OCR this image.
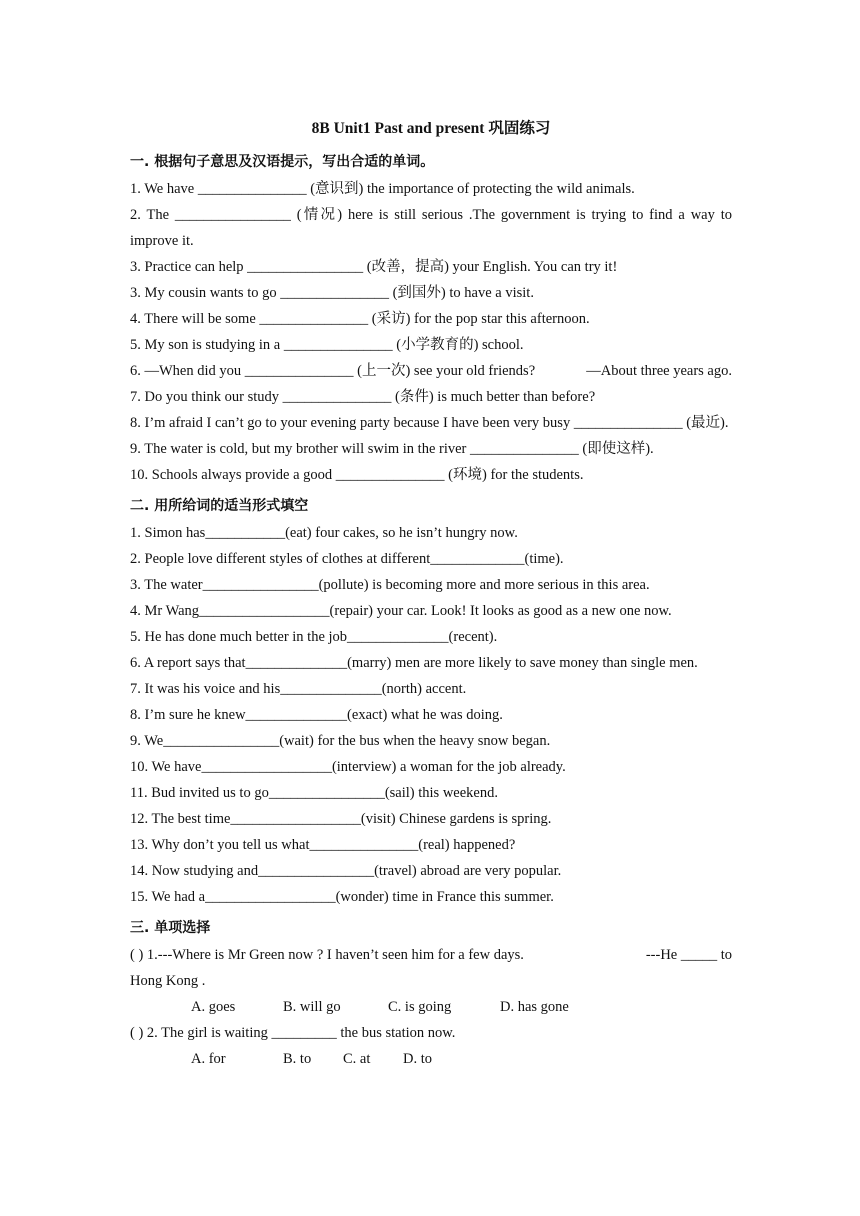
8B Unit1 Past and present 巩固练习
一. 根据句子意思及汉语提示，写出合适的单词。
1. We have _______________ (意识到) the importance of protecting the wild animals.
2. The ________________ (情况) here is still serious .The government is trying to find a way to improve it.
3. Practice can help ________________ (改善，提高) your English. You can try it!
3. My cousin wants to go _______________ (到国外) to have a visit.
4. There will be some _______________ (采访) for the pop star this afternoon.
5. My son is studying in a _______________ (小学教育的) school.
6. —When did you _______________ (上一次) see your old friends?	—About three years ago.
7. Do you think our study _______________ (条件) is much better than before?
8. I’m afraid I can’t go to your evening party because I have been very busy _______________ (最近).
9. The water is cold, but my brother will swim in the river _______________ (即使这样).
10. Schools always provide a good _______________ (环境) for the students.
二. 用所给词的适当形式填空
1. Simon has___________(eat) four cakes, so he isn’t hungry now.
2. People love different styles of clothes at different_____________(time).
3. The water________________(pollute) is becoming more and more serious in this area.
4. Mr Wang__________________(repair) your car. Look! It looks as good as a new one now.
5. He has done much better in the job______________(recent).
6. A report says that______________(marry) men are more likely to save money than single men.
7. It was his voice and his______________(north) accent.
8. I’m sure he knew______________(exact) what he was doing.
9. We________________(wait) for the bus when the heavy snow began.
10. We have__________________(interview) a woman for the job already.
11. Bud invited us to go________________(sail) this weekend.
12. The best time__________________(visit) Chinese gardens is spring.
13. Why don’t you tell us what_______________(real) happened?
14. Now studying and________________(travel) abroad are very popular.
15. We had a__________________(wonder) time in France this summer.
三. 单项选择
( ) 1.---Where is Mr Green now ? I haven’t seen him for a few days.	---He _____ to
Hong Kong .
A. goes	B. will go	C. is going	D. has gone
( ) 2. The girl is waiting _________ the bus station now.
A. for	B. to C. at D. to
